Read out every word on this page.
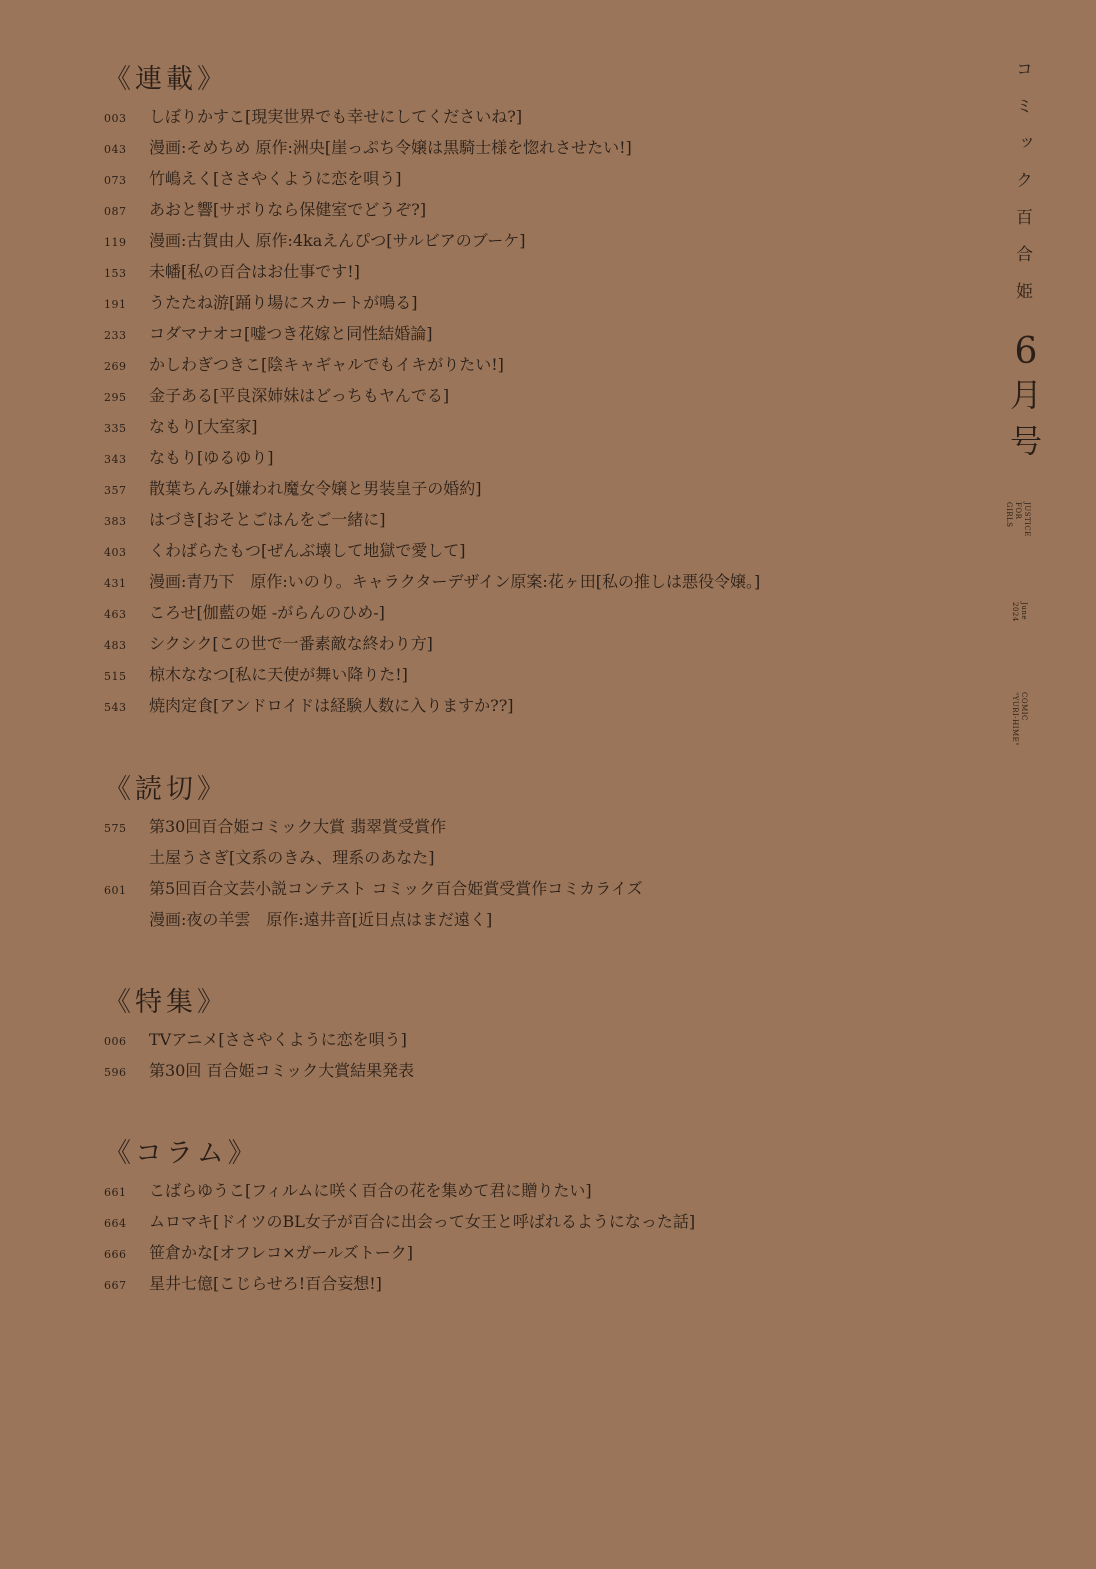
《連載》
003	しぼりかすこ[現実世界でも幸せにしてくださいね?]
043	漫画:そめちめ 原作:洲央[崖っぷち令嬢は黒騎士様を惚れさせたい!]
073	竹嶋えく[ささやくように恋を唄う]
087	あおと響[サボりなら保健室でどうぞ?]
119	漫画:古賀由人 原作:4kaえんぴつ[サルビアのブーケ]
153	未幡[私の百合はお仕事です!]
191	うたたね游[踊り場にスカートが鳴る]
233	コダマナオコ[嘘つき花嫁と同性結婚論]
269	かしわぎつきこ[陰キャギャルでもイキがりたい!]
295	金子ある[平良深姉妹はどっちもヤんでる]
335	なもり[大室家]
343	なもり[ゆるゆり]
357	散葉ちんみ[嫌われ魔女令嬢と男装皇子の婚約]
383	はづき[おそとごはんをご一緒に]
403	くわばらたもつ[ぜんぶ壊して地獄で愛して]
431	漫画:青乃下　原作:いのり。キャラクターデザイン原案:花ヶ田[私の推しは悪役令嬢。]
463	ころせ[伽藍の姫 -がらんのひめ-]
483	シクシク[この世で一番素敵な終わり方]
515	椋木ななつ[私に天使が舞い降りた!]
543	焼肉定食[アンドロイドは経験人数に入りますか??]
《読切》
575	第30回百合姫コミック大賞 翡翠賞受賞作
土屋うさぎ[文系のきみ、理系のあなた]
601	第5回百合文芸小説コンテスト コミック百合姫賞受賞作コミカライズ
漫画:夜の羊雲　原作:遠井音[近日点はまだ遠く]
《特集》
006	TVアニメ[ささやくように恋を唄う]
596	第30回 百合姫コミック大賞結果発表
《コラム》
661	こばらゆうこ[フィルムに咲く百合の花を集めて君に贈りたい]
664	ムロマキ[ドイツのBL女子が百合に出会って女王と呼ばれるようになった話]
666	笹倉かな[オフレコ×ガールズトーク]
667	星井七億[こじらせろ!百合妄想!]
コミック百合姫
6
月
号
JUSTICE
FOR
GIRLS
June
2024
COMIC
"YURI-HIME"
